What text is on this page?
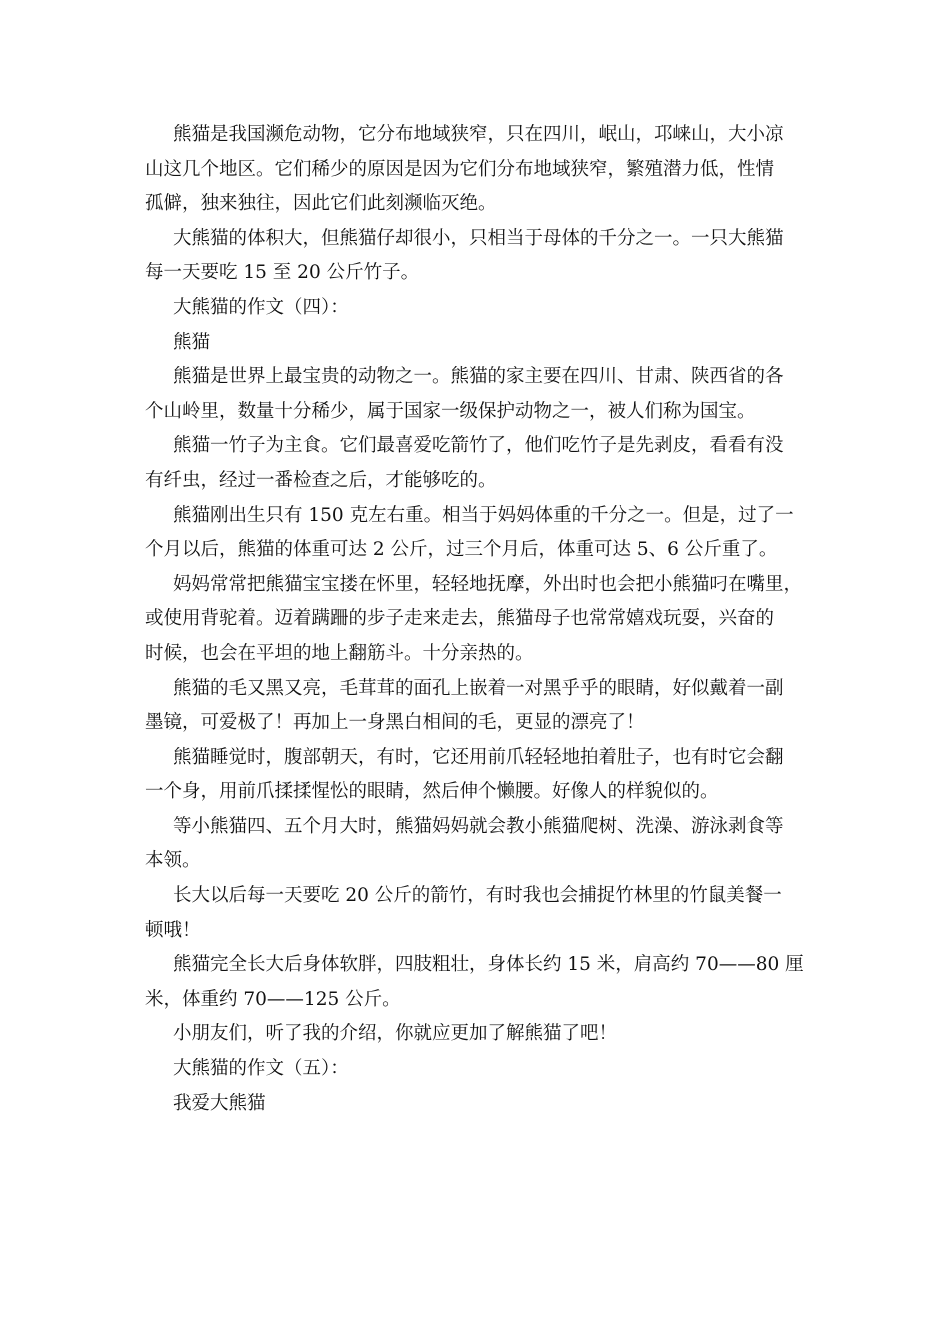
熊猫是我国濒危动物，它分布地域狭窄，只在四川，岷山，邛崃山，大小凉
山这几个地区。它们稀少的原因是因为它们分布地域狭窄，繁殖潜力低，性情
孤僻，独来独往，因此它们此刻濒临灭绝。
大熊猫的体积大，但熊猫仔却很小，只相当于母体的千分之一。一只大熊猫
每一天要吃 15 至 20 公斤竹子。
大熊猫的作文（四）：
熊猫
熊猫是世界上最宝贵的动物之一。熊猫的家主要在四川、甘肃、陕西省的各
个山岭里，数量十分稀少，属于国家一级保护动物之一，被人们称为国宝。
熊猫一竹子为主食。它们最喜爱吃箭竹了，他们吃竹子是先剥皮，看看有没
有纤虫，经过一番检查之后，才能够吃的。
熊猫刚出生只有 150 克左右重。相当于妈妈体重的千分之一。但是，过了一
个月以后，熊猫的体重可达 2 公斤，过三个月后，体重可达 5、6 公斤重了。
妈妈常常把熊猫宝宝搂在怀里，轻轻地抚摩，外出时也会把小熊猫叼在嘴里，
或使用背驼着。迈着蹒跚的步子走来走去，熊猫母子也常常嬉戏玩耍，兴奋的
时候，也会在平坦的地上翻筋斗。十分亲热的。
熊猫的毛又黑又亮，毛茸茸的面孔上嵌着一对黑乎乎的眼睛，好似戴着一副
墨镜，可爱极了！再加上一身黑白相间的毛，更显的漂亮了！
熊猫睡觉时，腹部朝天，有时，它还用前爪轻轻地拍着肚子，也有时它会翻
一个身，用前爪揉揉惺忪的眼睛，然后伸个懒腰。好像人的样貌似的。
等小熊猫四、五个月大时，熊猫妈妈就会教小熊猫爬树、洗澡、游泳剥食等
本领。
长大以后每一天要吃 20 公斤的箭竹，有时我也会捕捉竹林里的竹鼠美餐一
顿哦！
熊猫完全长大后身体软胖，四肢粗壮，身体长约 15 米，肩高约 70——80 厘
米，体重约 70——125 公斤。
小朋友们，听了我的介绍，你就应更加了解熊猫了吧！
大熊猫的作文（五）：
我爱大熊猫
